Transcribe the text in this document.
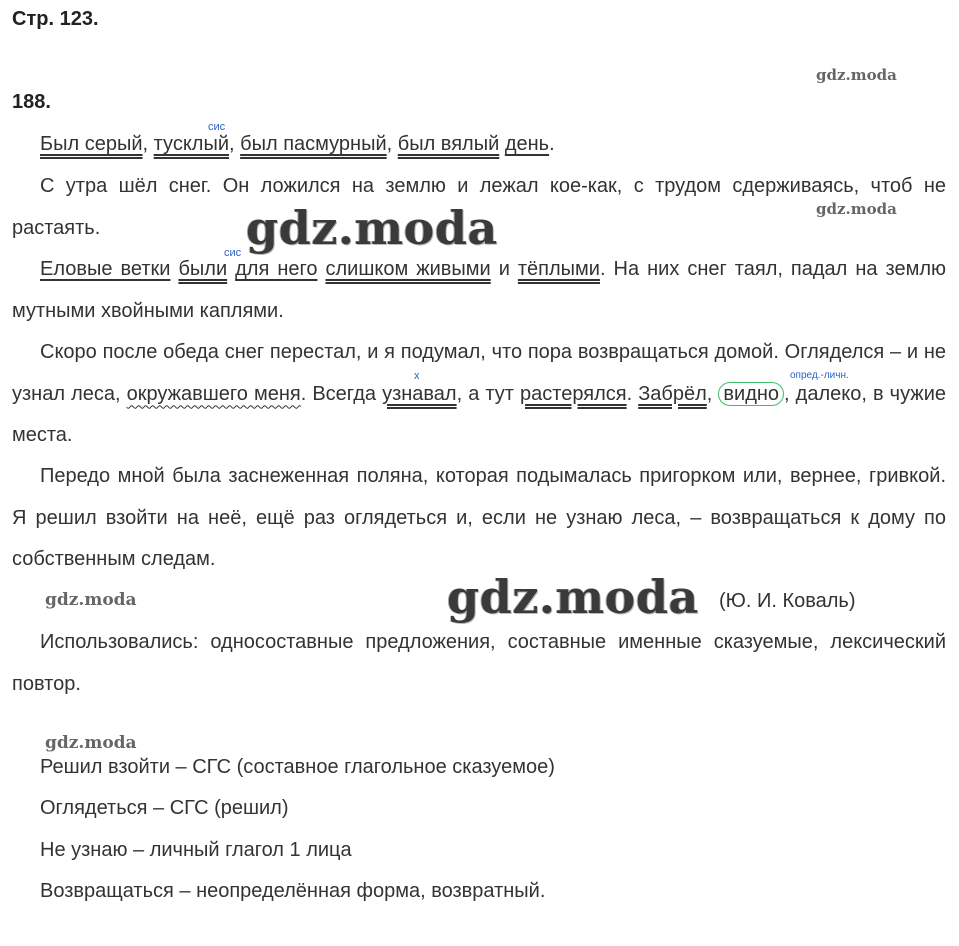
Стр. 123.
188.

Был серый, тусклый, был пасмурный, был вялый день.

С утра шёл снег. Он ложился на землю и лежал кое-как, с трудом сдерживаясь, чтоб не растаять.

Еловые ветки были для него слишком живыми и тёплыми. На них снег таял, падал на землю мутными хвойными каплями.

Скоро после обеда снег перестал, и я подумал, что пора возвращаться домой. Огляделся – и не узнал леса, окружавшего меня. Всегда узнавал, а тут растерялся. Забрёл, видно , далеко, в чужие места.

Передо мной была заснеженная поляна, которая подымалась пригорком или, вернее, гривкой. Я решил взойти на неё, ещё раз оглядеться и, если не узнаю леса, – возвращаться к дому по собственным следам.

(Ю. И. Коваль)

Использовались: односоставные предложения, составные именные сказуемые, лексический повтор.

Решил взойти – СГС (составное глагольное сказуемое)
Оглядеться – СГС (решил)
Не узнаю – личный глагол 1 лица
Возвращаться – неопределённая форма, возвратный.
сис
сис
х	опред.-личн.
gdz.moda
gdz.moda
gdz.moda
gdz.moda
gdz.moda
gdz.moda
